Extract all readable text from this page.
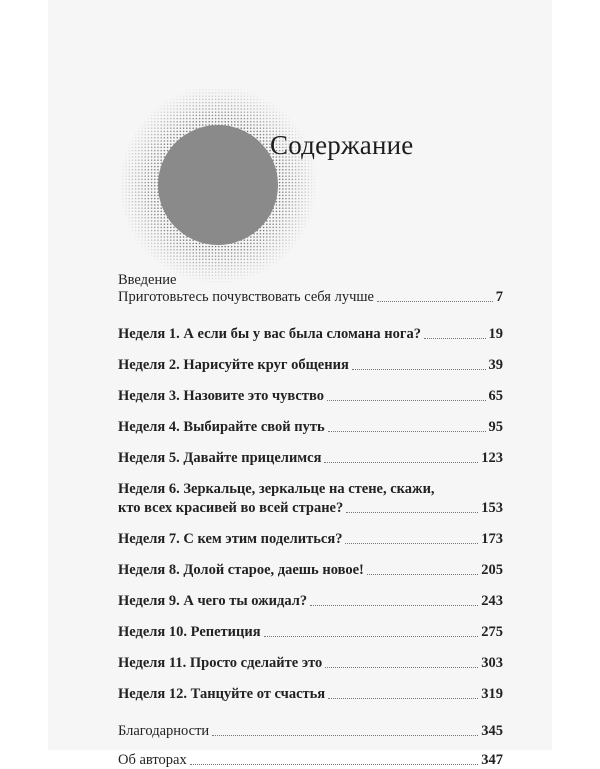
Содержание
Введение
Приготовьтесь почувствовать себя лучше	7
Неделя 1. А если бы у вас была сломана нога?	19
Неделя 2. Нарисуйте круг общения	39
Неделя 3. Назовите это чувство	65
Неделя 4. Выбирайте свой путь	95
Неделя 5. Давайте прицелимся	123
Неделя 6. Зеркальце, зеркальце на стене, скажи,
кто всех красивей во всей стране?	153
Неделя 7. С кем этим поделиться?	173
Неделя 8. Долой старое, даешь новое!	205
Неделя 9. А чего ты ожидал?	243
Неделя 10. Репетиция	275
Неделя 11. Просто сделайте это	303
Неделя 12. Танцуйте от счастья	319
Благодарности	345
Об авторах	347
